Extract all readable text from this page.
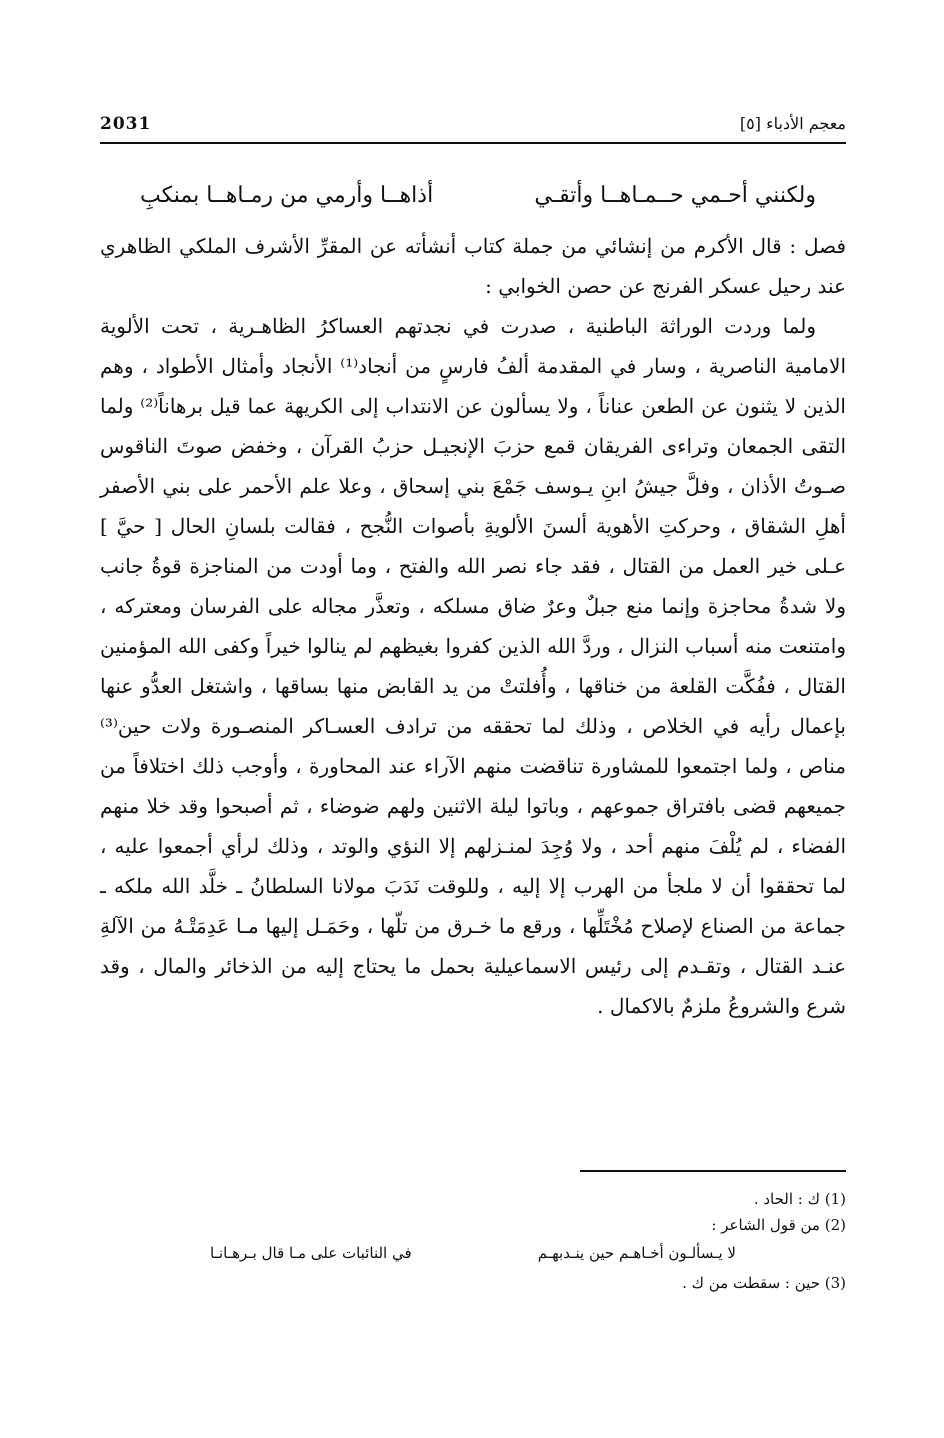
معجم الأدباء [٥]
2031
ولكنني أحـمي حــمـاهــا وأتقـي
أذاهــا وأرمي من رمـاهــا بمنكبِ

فصل : قال الأكرم من إنشائي من جملة كتاب أنشأته عن المقرِّ الأشرف الملكي الظاهري عند رحيل عسكر الفرنج عن حصن الخوابي :

ولما وردت الوراثة الباطنية ، صدرت في نجدتهم العساكرُ الظاهـرية ، تحت الألوية الامامية الناصرية ، وسار في المقدمة ألفُ فارسٍ من أنجاد⁽¹⁾ الأنجاد وأمثال الأطواد ، وهم الذين لا يثنون عن الطعن عناناً ، ولا يسألون عن الانتداب إلى الكريهة عما قيل برهاناً⁽²⁾ ولما التقى الجمعان وتراءى الفريقان قمع حزبَ الإنجيـل حزبُ القرآن ، وخفض صوتَ الناقوس صـوتُ الأذان ، وفلَّ جيشُ ابنِ يـوسف جَمْعَ بني إسحاق ، وعلا علم الأحمر على بني الأصفر أهلِ الشقاق ، وحركتِ الأهوية ألسنَ الألويةِ بأصوات النُّجح ، فقالت بلسانِ الحال [ حيَّ ] عـلى خير العمل من القتال ، فقد جاء نصر الله والفتح ، وما أودت من المناجزة قوةُ جانب ولا شدةُ محاجزة وإنما منع جبلٌ وعرٌ ضاق مسلكه ، وتعذَّر مجاله على الفرسان ومعتركه ، وامتنعت منه أسباب النزال ، وردَّ الله الذين كفروا بغيظهم لم ينالوا خيراً وكفى الله المؤمنين القتال ، ففُكَّت القلعة من خناقها ، وأُفلتتْ من يد القابض منها بساقها ، واشتغل العدُّو عنها بإعمال رأيه في الخلاص ، وذلك لما تحققه من ترادف العسـاكر المنصـورة ولات حين⁽³⁾ مناص ، ولما اجتمعوا للمشاورة تناقضت منهم الآراء عند المحاورة ، وأوجب ذلك اختلافاً من جميعهم قضى بافتراق جموعهم ، وباتوا ليلة الاثنين ولهم ضوضاء ، ثم أصبحوا وقد خلا منهم الفضاء ، لم يُلْفَ منهم أحد ، ولا وُجِدَ لمنـزلهم إلا النؤي والوتد ، وذلك لرأي أجمعوا عليه ، لما تحققوا أن لا ملجأ من الهرب إلا إليه ، وللوقت نَدَبَ مولانا السلطانُ ـ خلَّد الله ملكه ـ جماعة من الصناع لإصلاح مُخْتَلِّها ، ورقع ما خـرق من تلّها ، وحَمَـل إليها مـا عَدِمَتْـهُ من الآلةِ عنـد القتال ، وتقـدم إلى رئيس الاسماعيلية بحمل ما يحتاج إليه من الذخائر والمال ، وقد شرع والشروعُ ملزمٌ بالاكمال .

(1) ك : الحاد .

(2) من قول الشاعر :

لا يـسألـون أخـاهـم حين ينـدبهـم
في النائبات على مـا قال بـرهـانـا

(3) حين : سقطت من ك .
